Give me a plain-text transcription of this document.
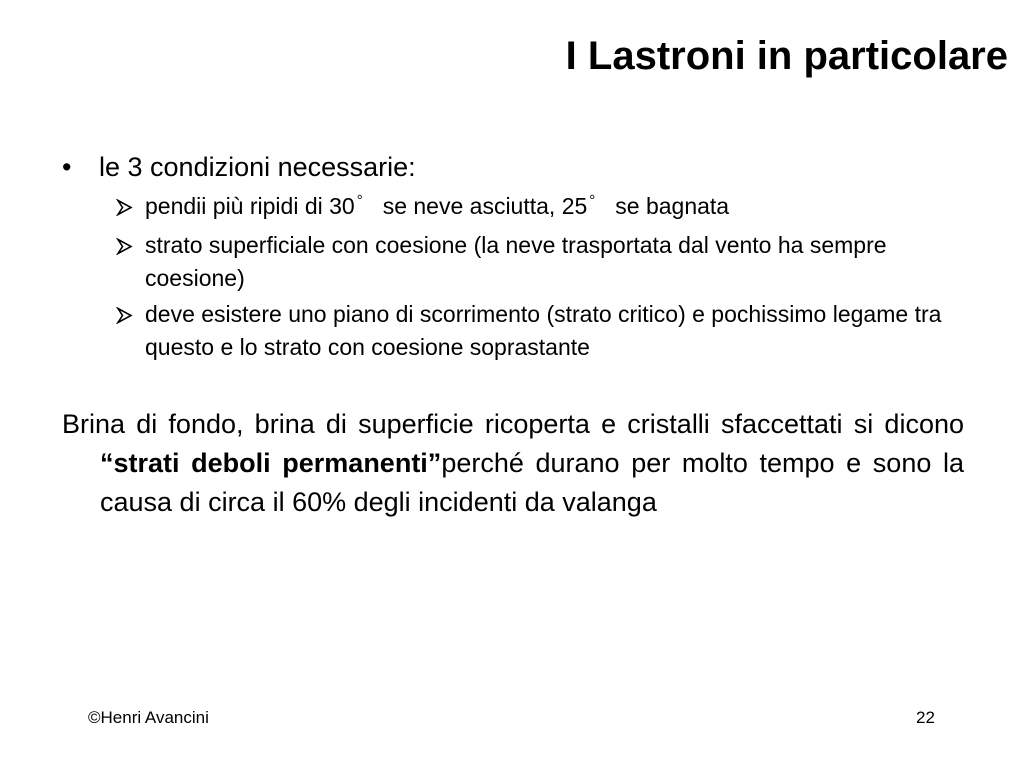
I Lastroni in particolare
• le 3 condizioni necessarie:
pendii più ripidi di 30 ° se neve asciutta, 25 ° se bagnata
strato superficiale con coesione (la neve trasportata dal vento ha sempre coesione)
deve esistere uno piano di scorrimento (strato critico) e pochissimo legame tra questo e lo strato con coesione soprastante

Brina di fondo, brina di superficie ricoperta e cristalli sfaccettati si dicono “strati deboli permanenti”perché durano per molto tempo e sono la causa di circa il 60% degli incidenti da valanga

©Henri Avancini	22
